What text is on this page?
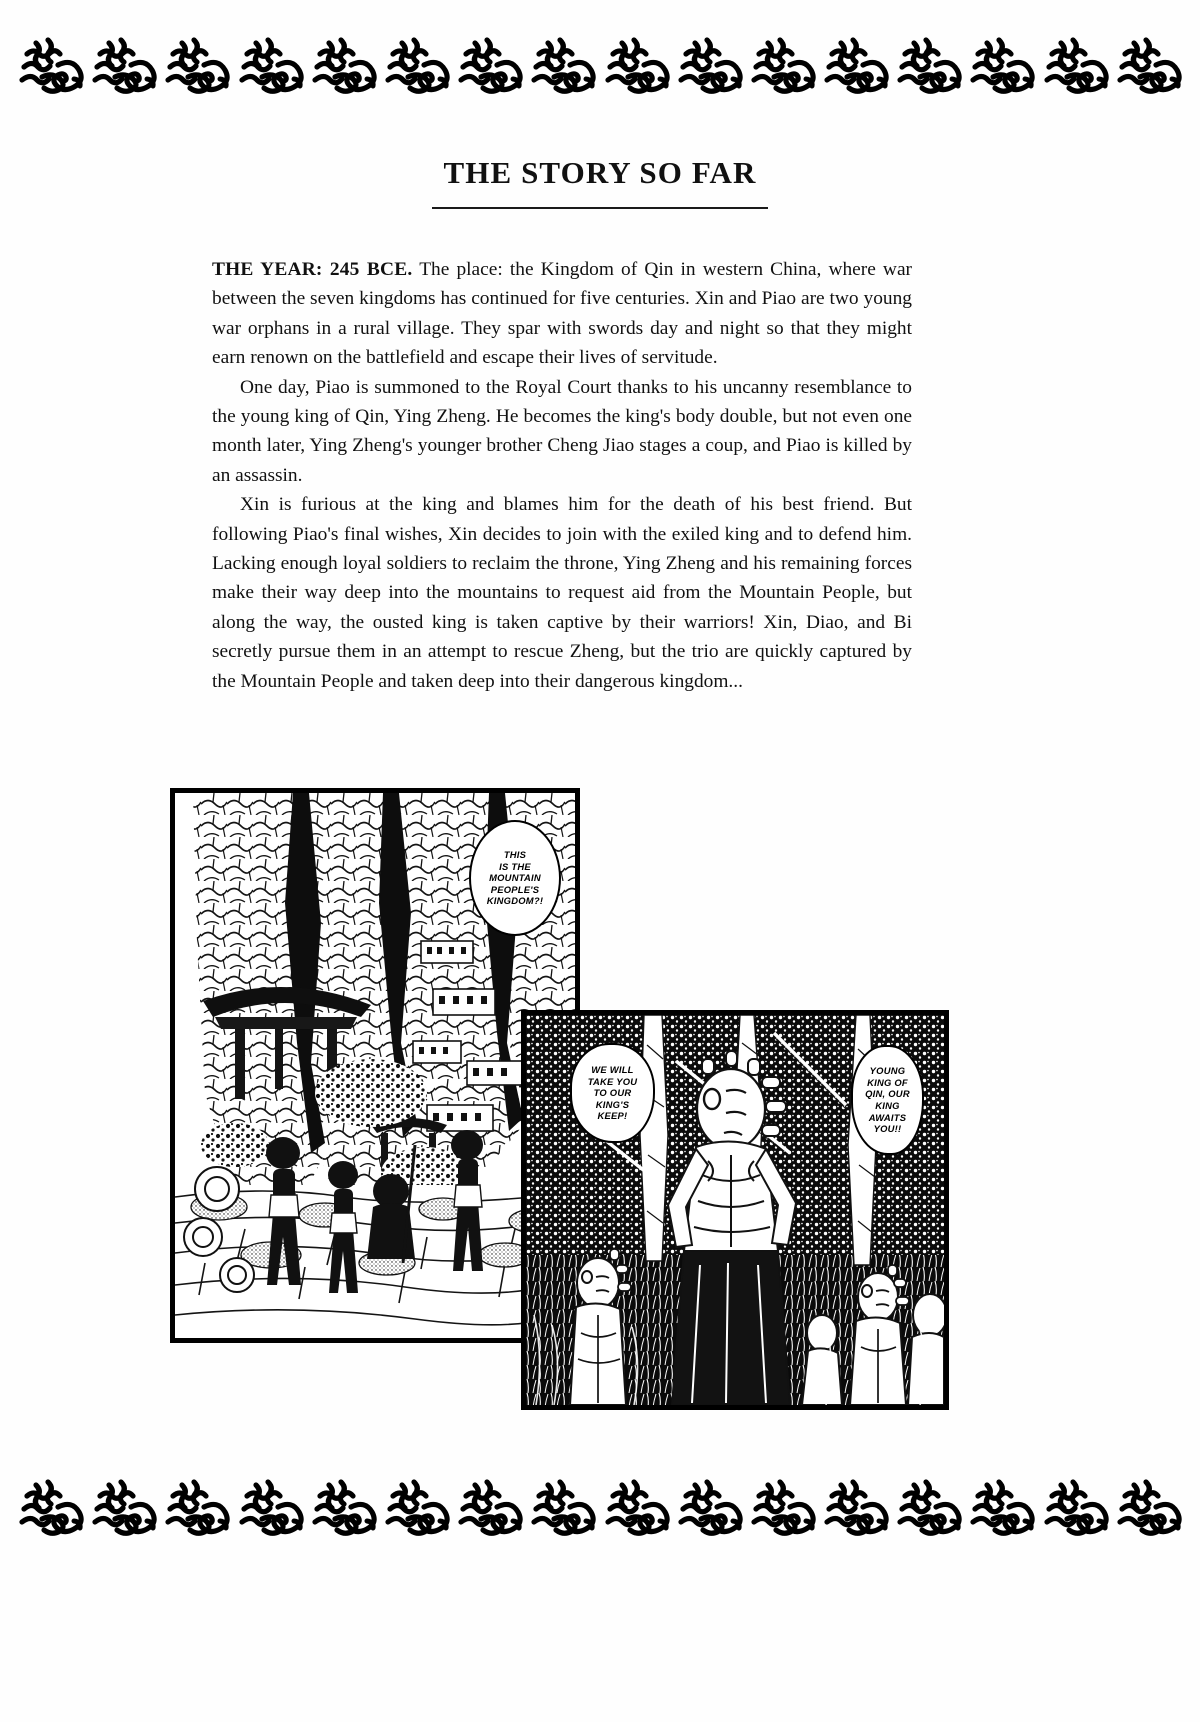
THE STORY SO FAR

THE YEAR: 245 BCE. The place: the Kingdom of Qin in western China, where war between the seven kingdoms has continued for five centuries. Xin and Piao are two young war orphans in a rural village. They spar with swords day and night so that they might earn renown on the battlefield and escape their lives of servitude.

One day, Piao is summoned to the Royal Court thanks to his uncanny resemblance to the young king of Qin, Ying Zheng. He becomes the king's body double, but not even one month later, Ying Zheng's younger brother Cheng Jiao stages a coup, and Piao is killed by an assassin.

Xin is furious at the king and blames him for the death of his best friend. But following Piao's final wishes, Xin decides to join with the exiled king and to defend him. Lacking enough loyal soldiers to reclaim the throne, Ying Zheng and his remaining forces make their way deep into the mountains to request aid from the Mountain People, but along the way, the ousted king is taken captive by their warriors! Xin, Diao, and Bi secretly pursue them in an attempt to rescue Zheng, but the trio are quickly captured by the Mountain People and taken deep into their dangerous kingdom...

THIS
IS THE
MOUNTAIN
PEOPLE'S
KINGDOM?!
WE WILL
TAKE YOU
TO OUR
KING'S
KEEP!
YOUNG
KING OF
QIN, OUR
KING
AWAITS
YOU!!
